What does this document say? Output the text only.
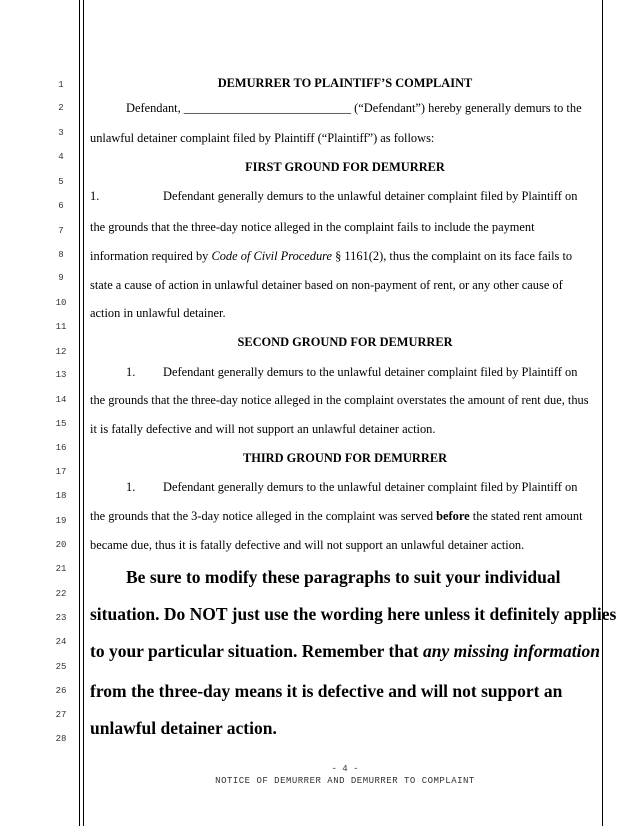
1
2
3
4
5
6
7
8
9
10
11
12
13
14
15
16
17
18
19
20
21
22
23
24
25
26
27
28
DEMURRER TO PLAINTIFF’S COMPLAINT
Defendant, ___________________________ (“Defendant”) hereby generally demurs to the
unlawful detainer complaint filed by Plaintiff (“Plaintiff”) as follows:
FIRST GROUND FOR DEMURRER
1.	Defendant generally demurs to the unlawful detainer complaint filed by Plaintiff on
the grounds that the three-day notice alleged in the complaint fails to include the payment
information required by Code of Civil Procedure § 1161(2), thus the complaint on its face fails to
state a cause of action in unlawful detainer based on non-payment of rent, or any other cause of
action in unlawful detainer.
SECOND GROUND FOR DEMURRER
1. Defendant generally demurs to the unlawful detainer complaint filed by Plaintiff on
the grounds that the three-day notice alleged in the complaint overstates the amount of rent due, thus
it is fatally defective and will not support an unlawful detainer action.
THIRD GROUND FOR DEMURRER
1. Defendant generally demurs to the unlawful detainer complaint filed by Plaintiff on
the grounds that the 3-day notice alleged in the complaint was served before the stated rent amount
became due, thus it is fatally defective and will not support an unlawful detainer action.
Be sure to modify these paragraphs to suit your individual
situation. Do NOT just use the wording here unless it definitely applies
to your particular situation. Remember that any missing information
from the three-day means it is defective and will not support an
unlawful detainer action.
- 4 -
NOTICE OF DEMURRER AND DEMURRER TO COMPLAINT
